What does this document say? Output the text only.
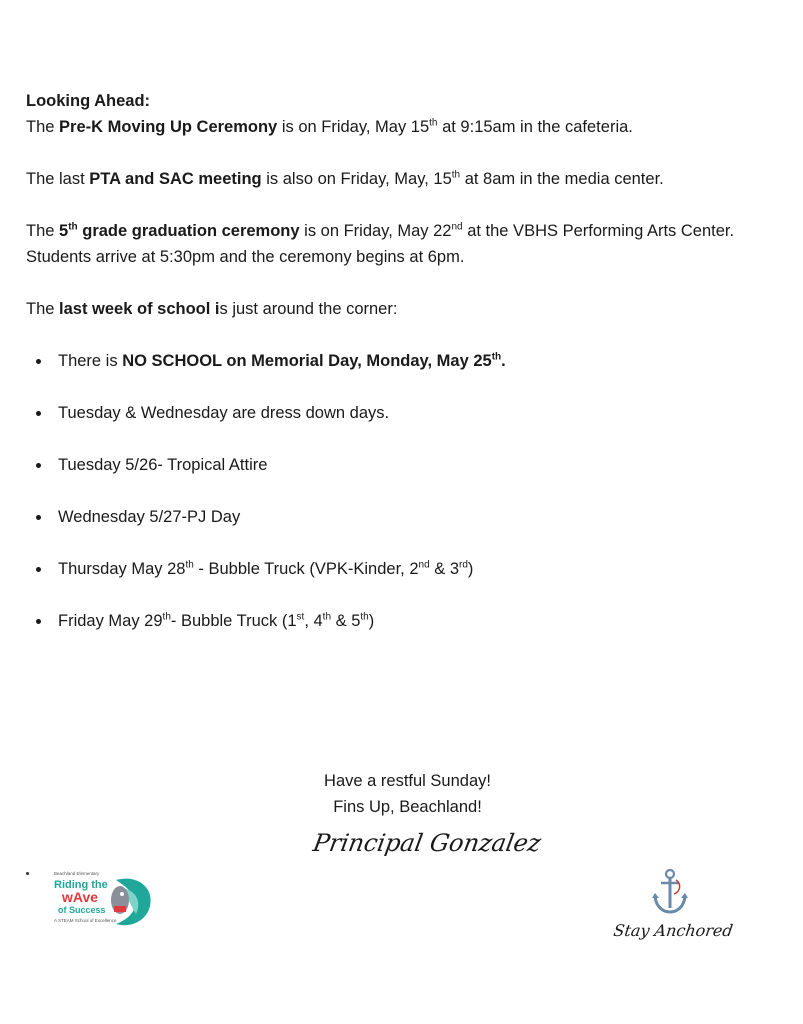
Looking Ahead:

The Pre-K Moving Up Ceremony is on Friday, May 15th at 9:15am in the cafeteria.

The last PTA and SAC meeting is also on Friday, May, 15th at 8am in the media center.

The 5th grade graduation ceremony is on Friday, May 22nd at the VBHS Performing Arts Center.
Students arrive at 5:30pm and the ceremony begins at 6pm.

The last week of school is just around the corner:

There is NO SCHOOL on Memorial Day, Monday, May 25th.
Tuesday & Wednesday are dress down days.
Tuesday 5/26- Tropical Attire
Wednesday 5/27-PJ Day
Thursday May 28th - Bubble Truck (VPK-Kinder, 2nd & 3rd)
Friday May 29th- Bubble Truck (1st, 4th & 5th)
Have a restful Sunday!
Fins Up, Beachland!
Principal Gonzalez
Beachland Elementary
Riding the
wAve
of Success
A STEAM School of Excellence
Stay Anchored
